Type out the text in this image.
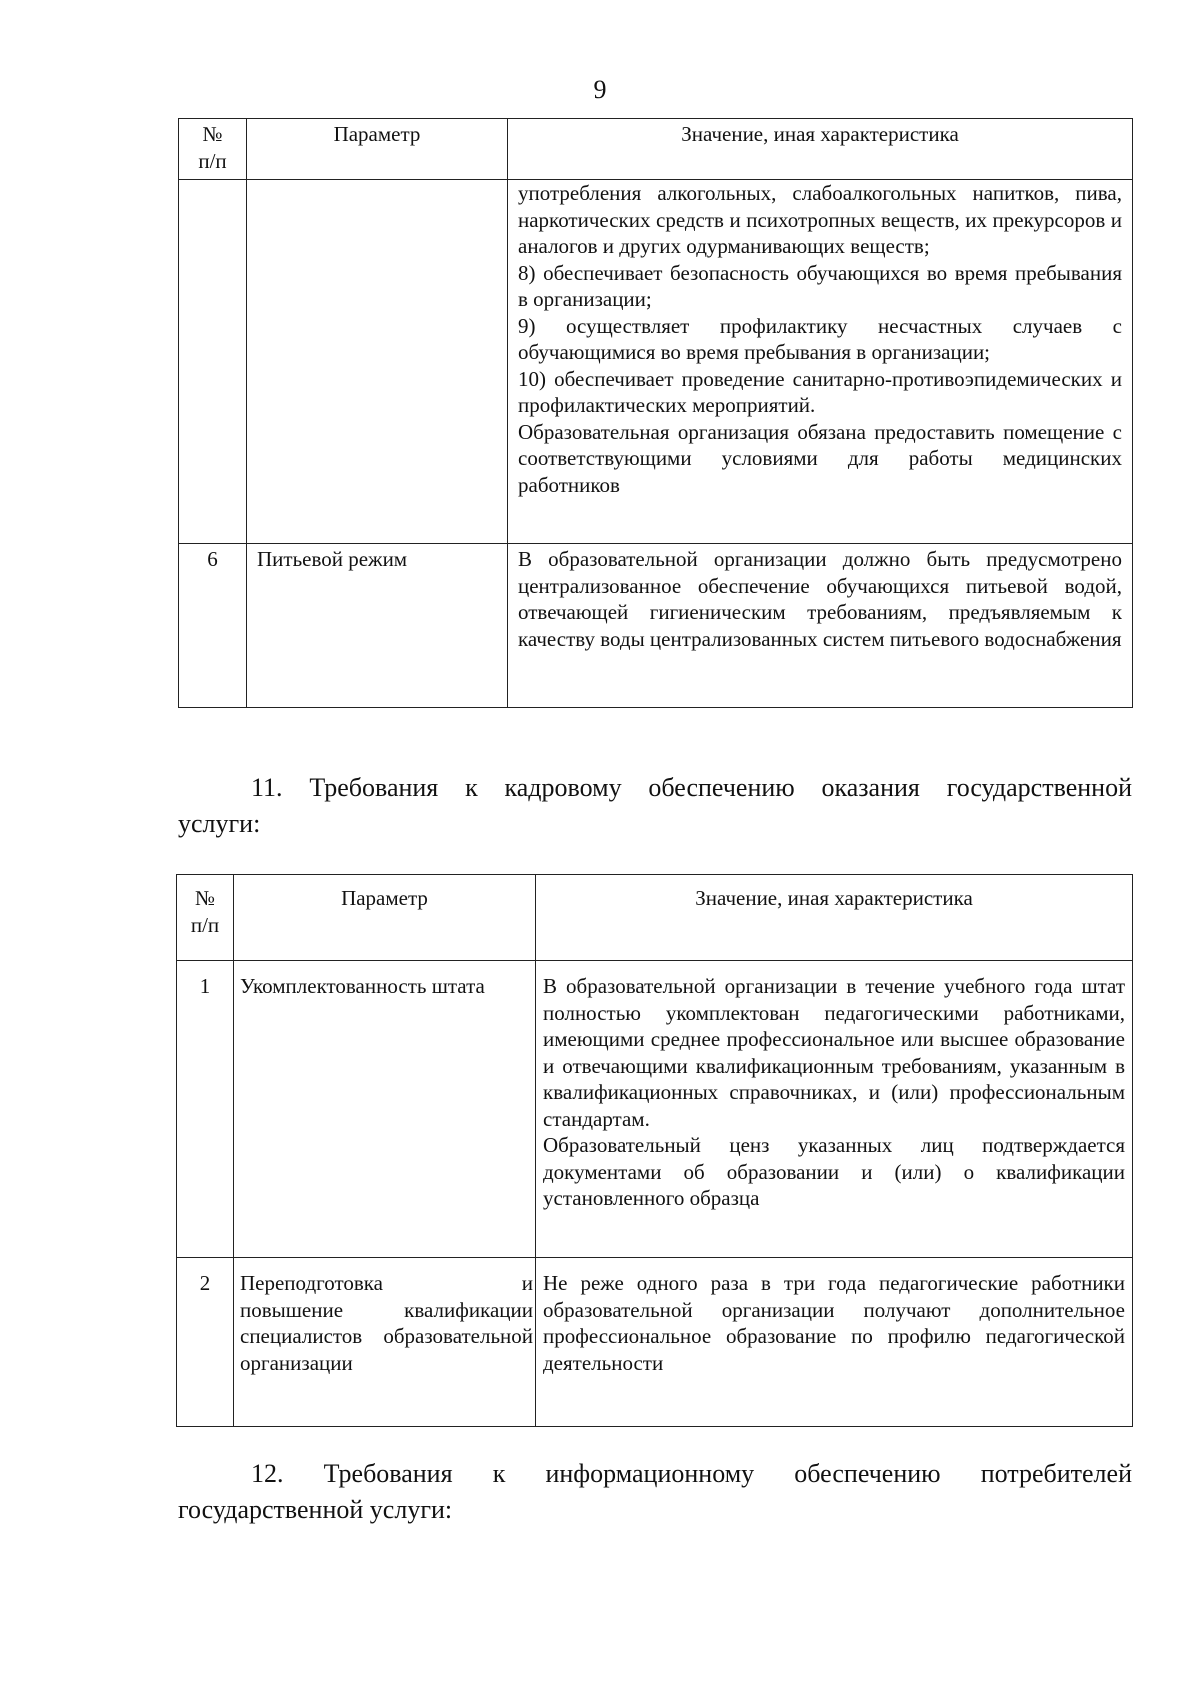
9
№
п/п	Параметр	Значение, иная характеристика

		употребления алкогольных, слабоалкогольных напитков, пива, наркотических средств и психотропных веществ, их прекурсоров и аналогов и других одурманивающих веществ;
8) обеспечивает безопасность обучающихся во время пребывания в организации;
9) осуществляет профилактику несчастных случаев с обучающимися во время пребывания в организации;
10) обеспечивает проведение санитарно-противоэпидемических и профилактических мероприятий.
Образовательная организация обязана предоставить помещение с соответствующими условиями для работы медицинских работников

6	Питьевой режим	В образовательной организации должно быть предусмотрено централизованное обеспечение обучающихся питьевой водой, отвечающей гигиеническим требованиям, предъявляемым к качеству воды централизованных систем питьевого водоснабжения
11. Требования к кадровому обеспечению оказания государственной
услуги:
№
п/п	Параметр	Значение, иная характеристика
1	Укомплектованность штата	В образовательной организации в течение учебного года штат полностью укомплектован педагогическими работниками, имеющими среднее профессиональное или высшее образование и отвечающими квалификационным требованиям, указанным в квалификационных справочниках, и (или) профессиональным стандартам.
Образовательный ценз указанных лиц подтверждается документами об образовании и (или) о квалификации установленного образца

2	Переподготовка и
повышение квалификации специалистов образовательной организации	Не реже одного раза в три года педагогические работники образовательной организации получают дополнительное профессиональное образование по профилю педагогической деятельности
12. Требования к информационному обеспечению потребителей
государственной услуги:
